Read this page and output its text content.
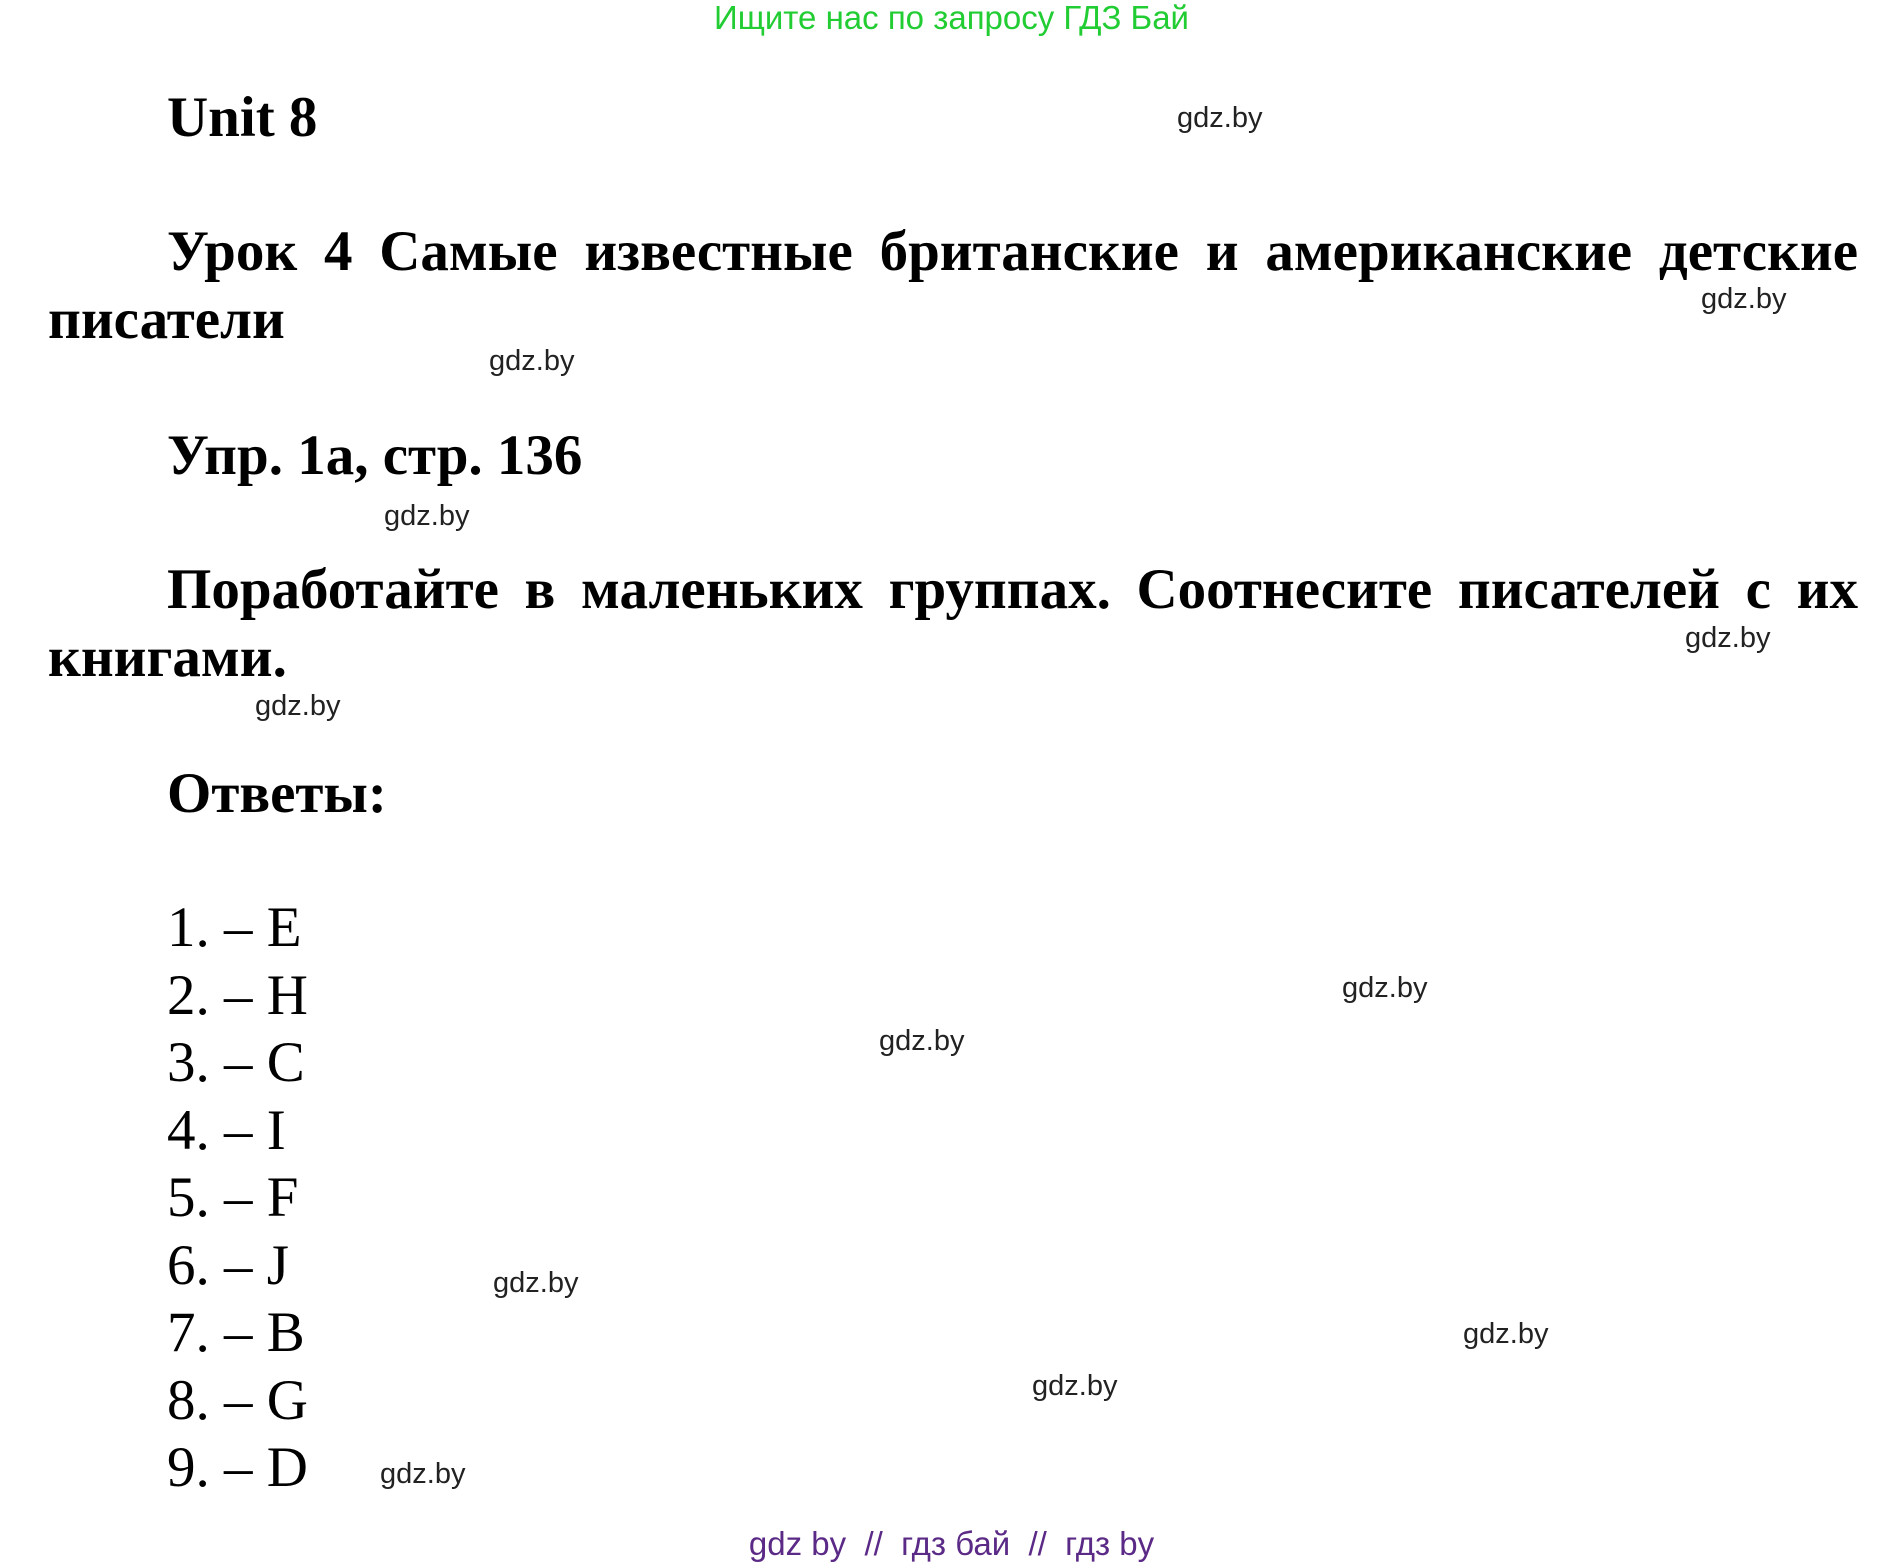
Ищите нас по запросу ГДЗ Бай
Unit 8
Урок 4 Самые известные британские и американские детские писатели
Упр. 1а, стр. 136

Поработайте в маленьких группах. Соотнесите писателей с их книгами.

Ответы:
1. – E
2. – H
3. – C
4. – I
5. – F
6. – J
7. – B
8. – G
9. – D
gdz.by
gdz.by
gdz.by
gdz.by
gdz.by
gdz.by
gdz.by
gdz.by
gdz.by
gdz.by
gdz.by
gdz.by
gdz by  //  гдз бай  //  гдз by
